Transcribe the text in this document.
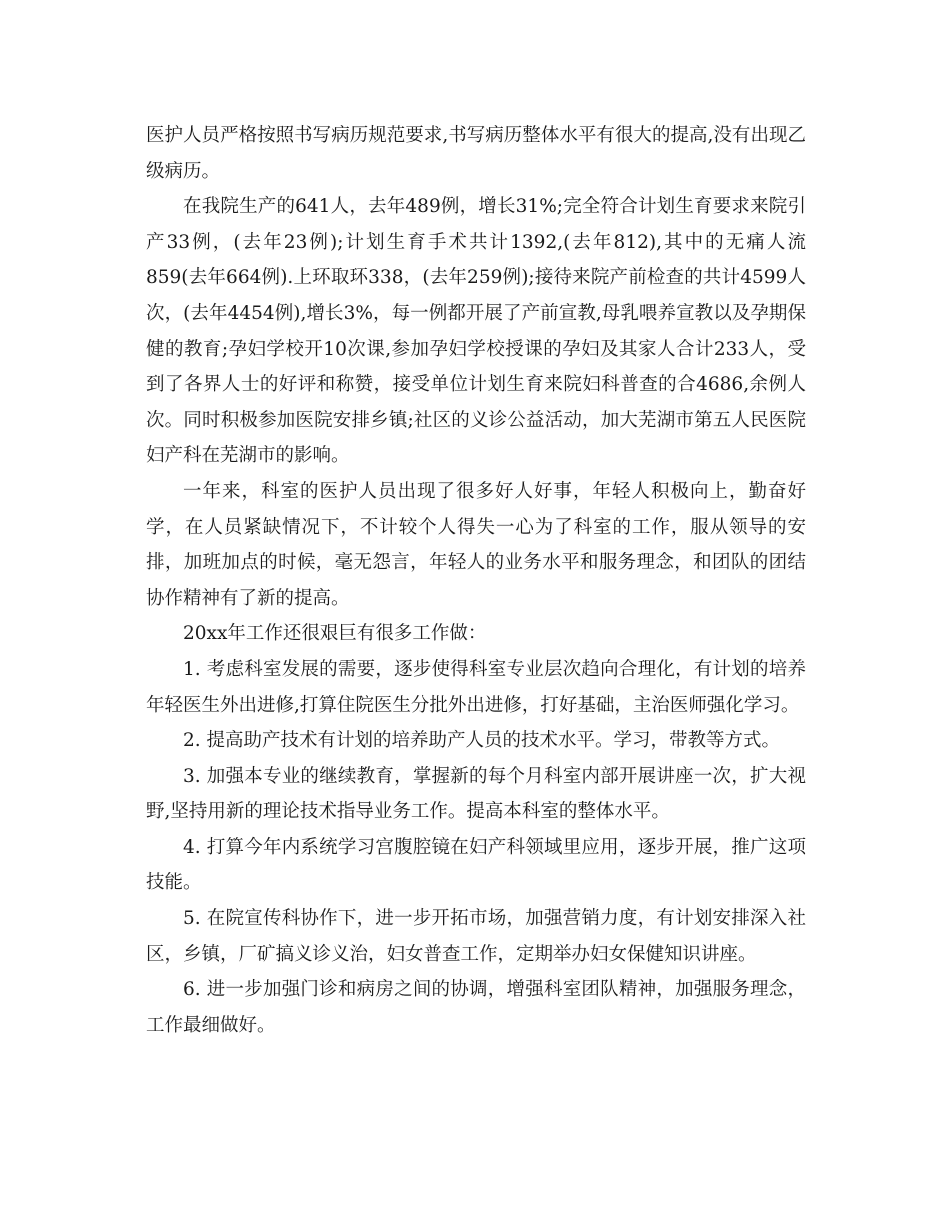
医护人员严格按照书写病历规范要求,书写病历整体水平有很大的提高,没有出现乙级病历。

在我院生产的641人，去年489例，增长31%;完全符合计划生育要求来院引产33例，(去年23例);计划生育手术共计1392,(去年812),其中的无痛人流859(去年664例).上环取环338，(去年259例);接待来院产前检查的共计4599人次，(去年4454例),增长3%，每一例都开展了产前宣教,母乳喂养宣教以及孕期保健的教育;孕妇学校开10次课,参加孕妇学校授课的孕妇及其家人合计233人，受到了各界人士的好评和称赞，接受单位计划生育来院妇科普查的合4686,余例人次。同时积极参加医院安排乡镇;社区的义诊公益活动，加大芜湖市第五人民医院妇产科在芜湖市的影响。

一年来，科室的医护人员出现了很多好人好事，年轻人积极向上，勤奋好学，在人员紧缺情况下，不计较个人得失一心为了科室的工作，服从领导的安排，加班加点的时候，毫无怨言，年轻人的业务水平和服务理念，和团队的团结协作精神有了新的提高。

20xx年工作还很艰巨有很多工作做：

1. 考虑科室发展的需要，逐步使得科室专业层次趋向合理化，有计划的培养年轻医生外出进修,打算住院医生分批外出进修，打好基础，主治医师强化学习。

2. 提高助产技术有计划的培养助产人员的技术水平。学习，带教等方式。

3. 加强本专业的继续教育，掌握新的每个月科室内部开展讲座一次，扩大视野,坚持用新的理论技术指导业务工作。提高本科室的整体水平。

4. 打算今年内系统学习宫腹腔镜在妇产科领域里应用，逐步开展，推广这项技能。

5. 在院宣传科协作下，进一步开拓市场，加强营销力度，有计划安排深入社区，乡镇，厂矿搞义诊义治，妇女普查工作，定期举办妇女保健知识讲座。

6. 进一步加强门诊和病房之间的协调，增强科室团队精神，加强服务理念，工作最细做好。
